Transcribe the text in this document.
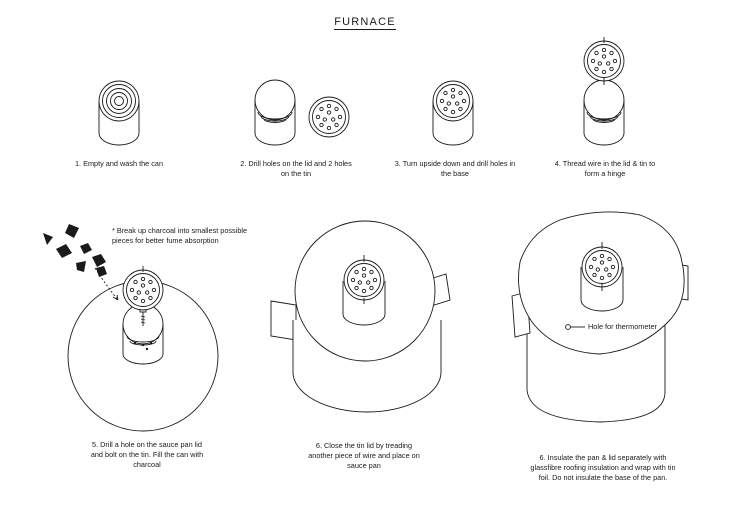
FURNACE
1. Empty and wash the can	2. Drill holes on the lid and 2 holes on the tin
3. Turn upside down and drill holes in the base
4. Thread wire in the lid & tin to form a hinge
5. Drill a hole on the sauce pan lid and bolt on the tin. Fill the can with charcoal
6. Close the tin lid by treading another piece of wire and place on sauce pan
6. Insulate the pan & lid separately with glassfibre roofing insulation and wrap with tin foil. Do not insulate the base of the pan.
* Break up charcoal into smallest possible pieces for better fume absorption
Hole for thermometer
